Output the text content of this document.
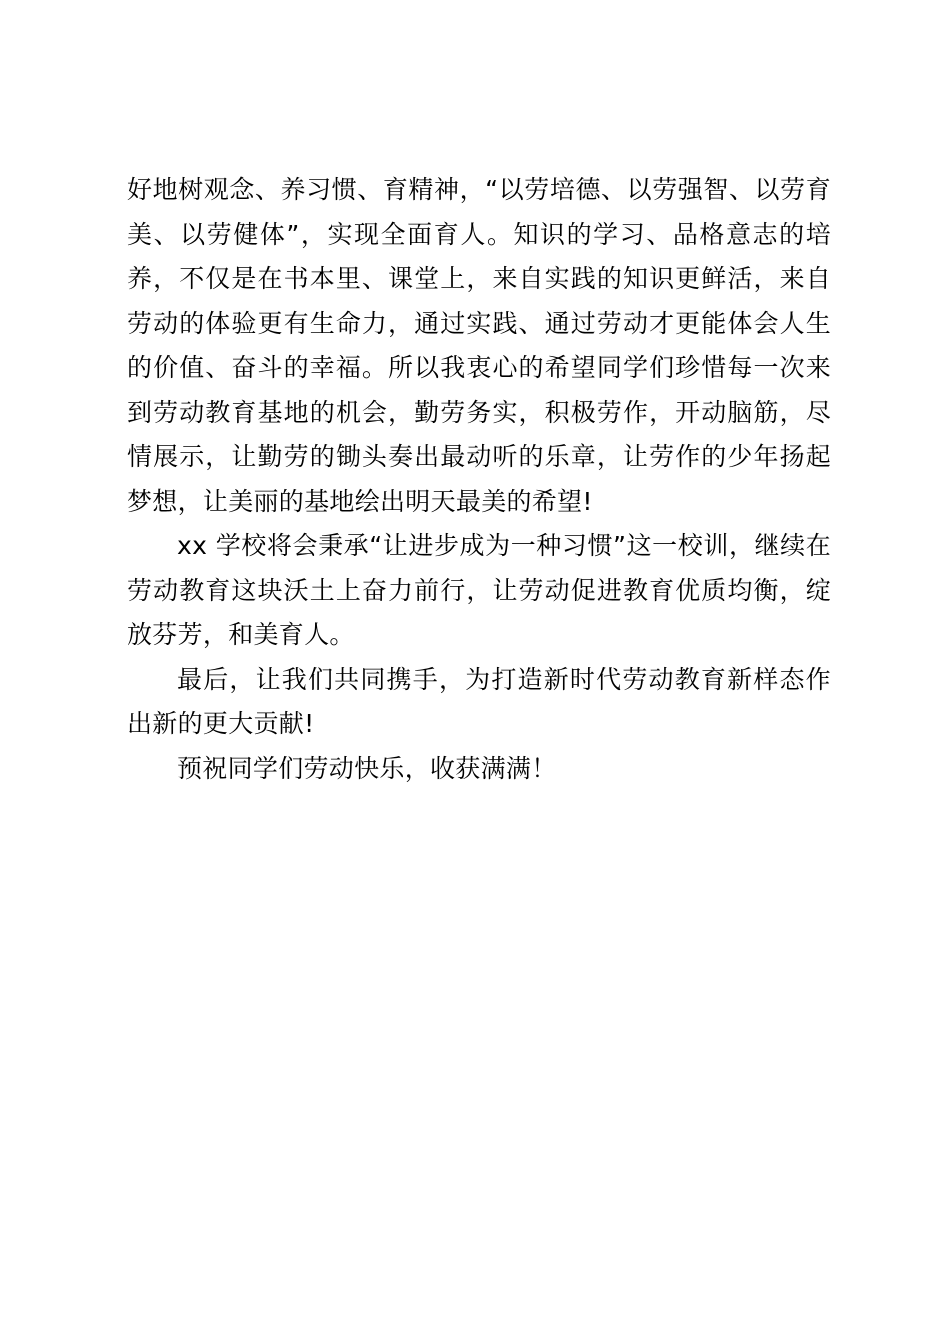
好地树观念、养习惯、育精神，“以劳培德、以劳强智、以劳育美、以劳健体”，实现全面育人。知识的学习、品格意志的培养，不仅是在书本里、课堂上，来自实践的知识更鲜活，来自劳动的体验更有生命力，通过实践、通过劳动才更能体会人生的价值、奋斗的幸福。所以我衷心的希望同学们珍惜每一次来到劳动教育基地的机会，勤劳务实，积极劳作，开动脑筋，尽情展示，让勤劳的锄头奏出最动听的乐章，让劳作的少年扬起梦想，让美丽的基地绘出明天最美的希望!

xx 学校将会秉承“让进步成为一种习惯”这一校训，继续在劳动教育这块沃土上奋力前行，让劳动促进教育优质均衡，绽放芬芳，和美育人。

最后，让我们共同携手，为打造新时代劳动教育新样态作出新的更大贡献!

预祝同学们劳动快乐，收获满满！
